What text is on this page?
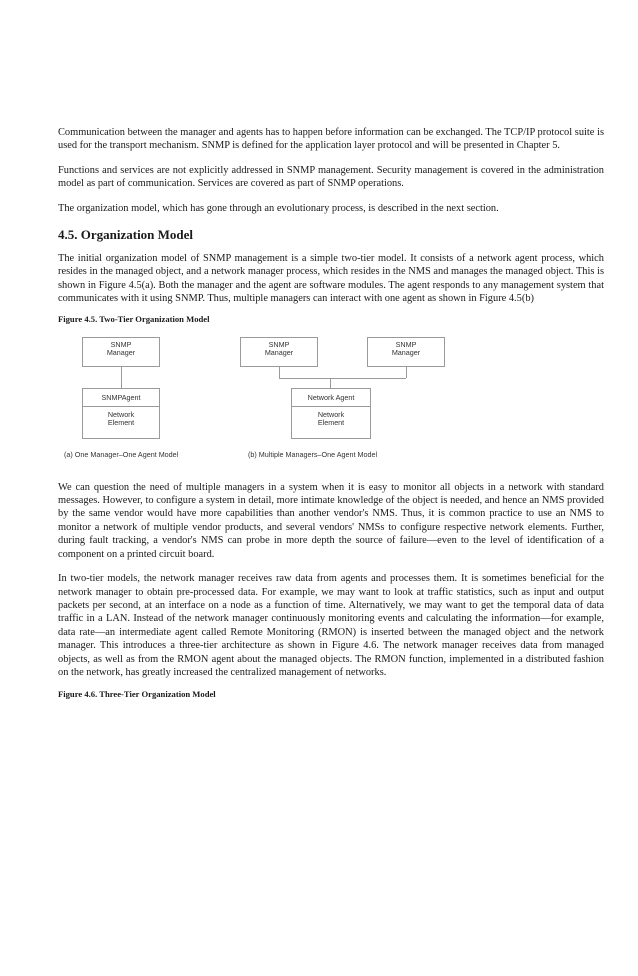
Communication between the manager and agents has to happen before information can be exchanged. The TCP/IP protocol suite is used for the transport mechanism. SNMP is defined for the application layer protocol and will be presented in Chapter 5.

Functions and services are not explicitly addressed in SNMP management. Security management is covered in the administration model as part of communication. Services are covered as part of SNMP operations.

The organization model, which has gone through an evolutionary process, is described in the next section.

4.5. Organization Model

The initial organization model of SNMP management is a simple two-tier model. It consists of a network agent process, which resides in the managed object, and a network manager process, which resides in the NMS and manages the managed object. This is shown in Figure 4.5(a). Both the manager and the agent are software modules. The agent responds to any management system that communicates with it using SNMP. Thus, multiple managers can interact with one agent as shown in Figure 4.5(b)

Figure 4.5. Two-Tier Organization Model
SNMP
Manager
SNMPAgent
Network
Element
(a) One Manager–One Agent Model
SNMP
Manager
SNMP
Manager
Network Agent
Network
Element
(b) Multiple Managers–One Agent Model

We can question the need of multiple managers in a system when it is easy to monitor all objects in a network with standard messages. However, to configure a system in detail, more intimate knowledge of the object is needed, and hence an NMS provided by the same vendor would have more capabilities than another vendor's NMS. Thus, it is common practice to use an NMS to monitor a network of multiple vendor products, and several vendors' NMSs to configure respective network elements. Further, during fault tracking, a vendor's NMS can probe in more depth the source of failure—even to the level of identification of a component on a printed circuit board.

In two-tier models, the network manager receives raw data from agents and processes them. It is sometimes beneficial for the network manager to obtain pre-processed data. For example, we may want to look at traffic statistics, such as input and output packets per second, at an interface on a node as a function of time. Alternatively, we may want to get the temporal data of data traffic in a LAN. Instead of the network manager continuously monitoring events and calculating the information—for example, data rate—an intermediate agent called Remote Monitoring (RMON) is inserted between the managed object and the network manager. This introduces a three-tier architecture as shown in Figure 4.6. The network manager receives data from managed objects, as well as from the RMON agent about the managed objects. The RMON function, implemented in a distributed fashion on the network, has greatly increased the centralized management of networks.

Figure 4.6. Three-Tier Organization Model
